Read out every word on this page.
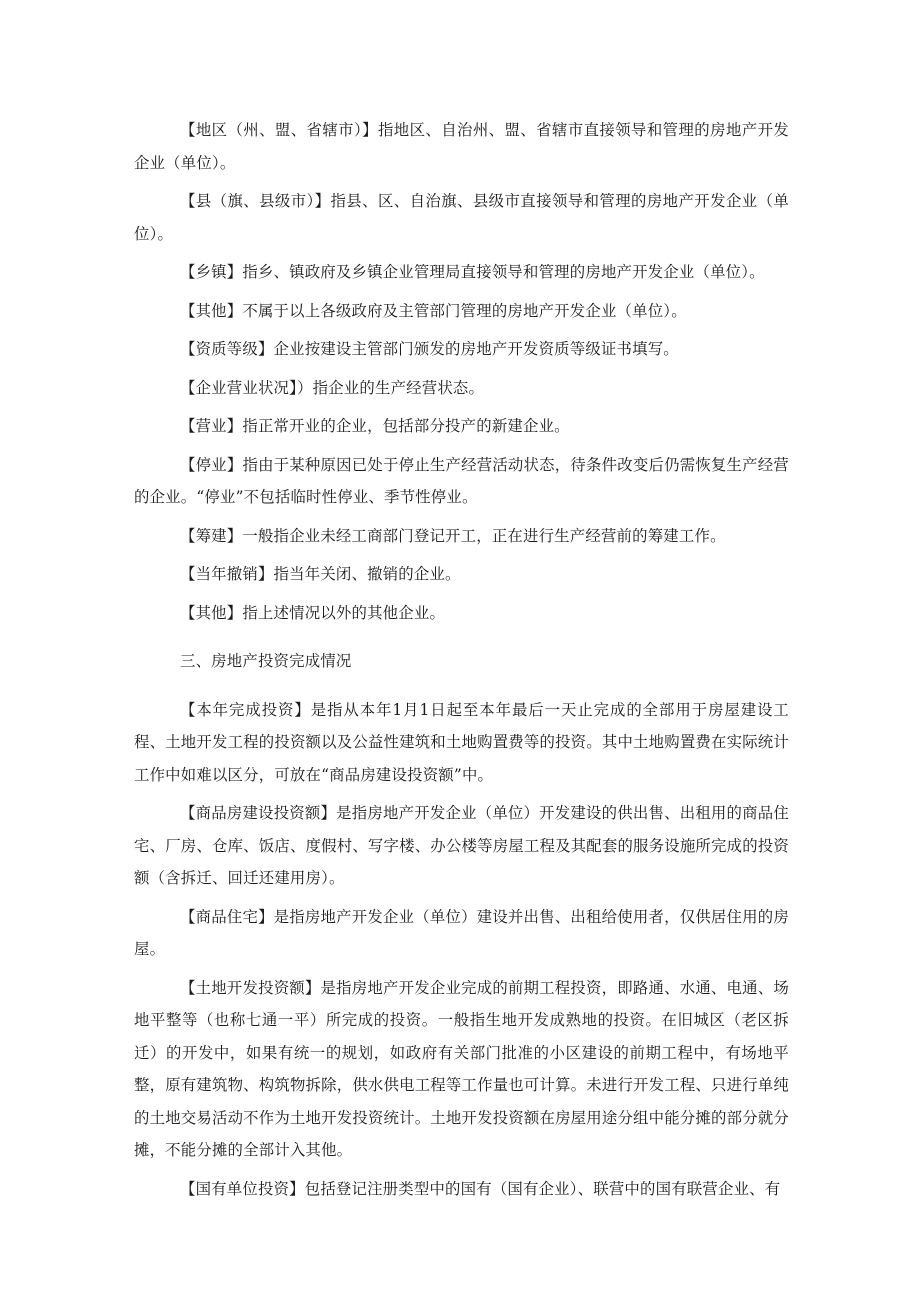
【地区（州、盟、省辖市）】指地区、自治州、盟、省辖市直接领导和管理的房地产开发企业（单位）。

【县（旗、县级市）】指县、区、自治旗、县级市直接领导和管理的房地产开发企业（单位）。

【乡镇】指乡、镇政府及乡镇企业管理局直接领导和管理的房地产开发企业（单位）。

【其他】不属于以上各级政府及主管部门管理的房地产开发企业（单位）。

【资质等级】企业按建设主管部门颁发的房地产开发资质等级证书填写。

【企业营业状况】）指企业的生产经营状态。

【营业】指正常开业的企业，包括部分投产的新建企业。

【停业】指由于某种原因已处于停止生产经营活动状态，待条件改变后仍需恢复生产经营的企业。“停业”不包括临时性停业、季节性停业。

【筹建】一般指企业未经工商部门登记开工，正在进行生产经营前的筹建工作。

【当年撤销】指当年关闭、撤销的企业。

【其他】指上述情况以外的其他企业。

三、房地产投资完成情况

【本年完成投资】是指从本年1月1日起至本年最后一天止完成的全部用于房屋建设工程、土地开发工程的投资额以及公益性建筑和土地购置费等的投资。其中土地购置费在实际统计工作中如难以区分，可放在“商品房建设投资额”中。

【商品房建设投资额】是指房地产开发企业（单位）开发建设的供出售、出租用的商品住宅、厂房、仓库、饭店、度假村、写字楼、办公楼等房屋工程及其配套的服务设施所完成的投资额（含拆迁、回迁还建用房）。

【商品住宅】是指房地产开发企业（单位）建设并出售、出租给使用者，仅供居住用的房屋。

【土地开发投资额】是指房地产开发企业完成的前期工程投资，即路通、水通、电通、场地平整等（也称七通一平）所完成的投资。一般指生地开发成熟地的投资。在旧城区（老区拆迁）的开发中，如果有统一的规划，如政府有关部门批准的小区建设的前期工程中，有场地平整，原有建筑物、构筑物拆除，供水供电工程等工作量也可计算。未进行开发工程、只进行单纯的土地交易活动不作为土地开发投资统计。土地开发投资额在房屋用途分组中能分摊的部分就分摊，不能分摊的全部计入其他。

【国有单位投资】包括登记注册类型中的国有（国有企业）、联营中的国有联营企业、有
